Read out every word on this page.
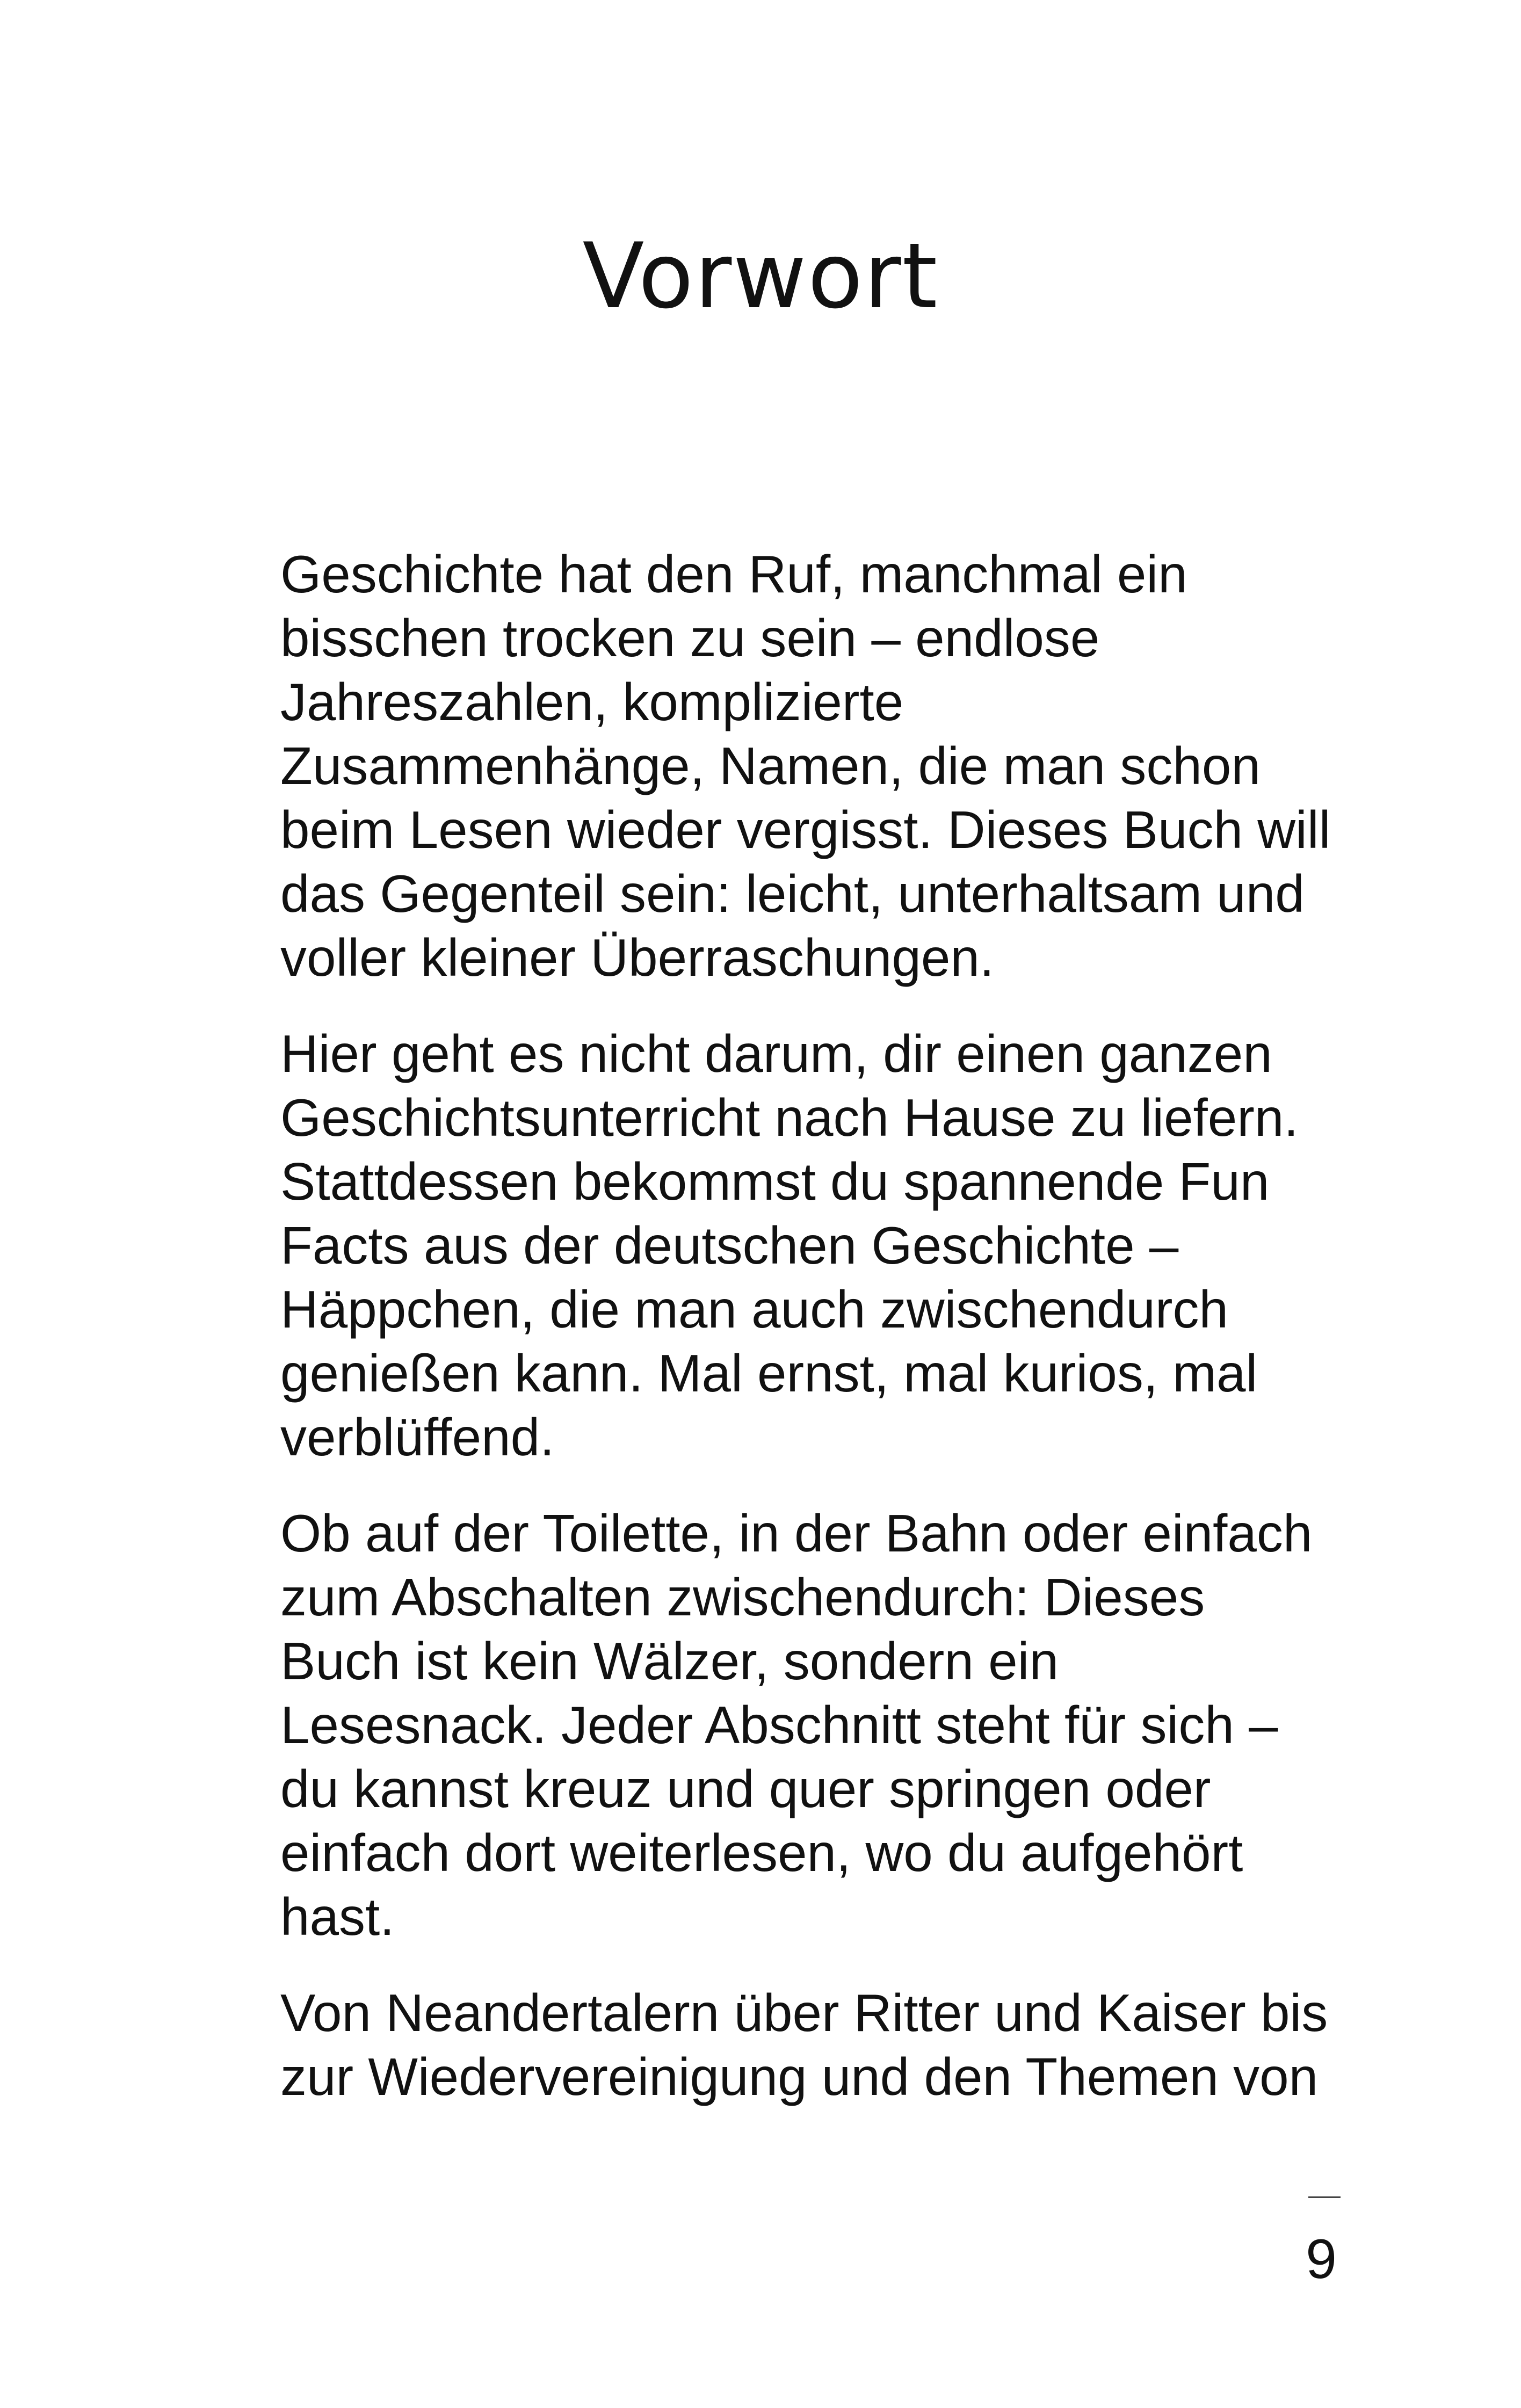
Vorwort

Geschichte hat den Ruf, manchmal ein
bisschen trocken zu sein – endlose
Jahreszahlen, komplizierte
Zusammenhänge, Namen, die man schon
beim Lesen wieder vergisst. Dieses Buch will
das Gegenteil sein: leicht, unterhaltsam und
voller kleiner Überraschungen.

Hier geht es nicht darum, dir einen ganzen
Geschichtsunterricht nach Hause zu liefern.
Stattdessen bekommst du spannende Fun
Facts aus der deutschen Geschichte –
Häppchen, die man auch zwischendurch
genießen kann. Mal ernst, mal kurios, mal
verblüffend.

Ob auf der Toilette, in der Bahn oder einfach
zum Abschalten zwischendurch: Dieses
Buch ist kein Wälzer, sondern ein
Lesesnack. Jeder Abschnitt steht für sich –
du kannst kreuz und quer springen oder
einfach dort weiterlesen, wo du aufgehört
hast.

Von Neandertalern über Ritter und Kaiser bis
zur Wiedervereinigung und den Themen von

9
